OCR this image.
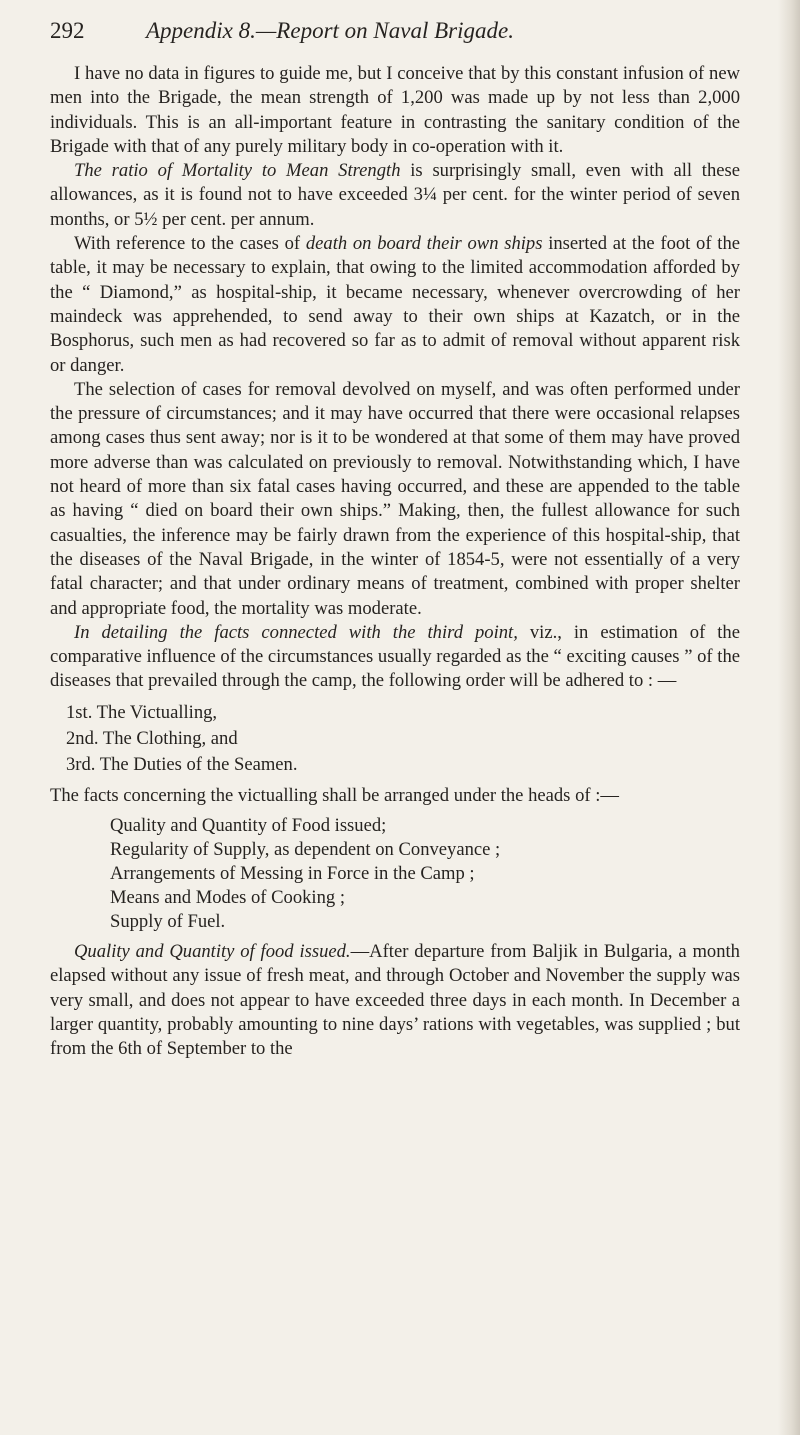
292	Appendix 8.—Report on Naval Brigade.

I have no data in figures to guide me, but I conceive that by this constant infusion of new men into the Brigade, the mean strength of 1,200 was made up by not less than 2,000 individuals. This is an all-important feature in contrasting the sanitary condition of the Brigade with that of any purely military body in co-operation with it.

The ratio of Mortality to Mean Strength is surprisingly small, even with all these allowances, as it is found not to have exceeded 3¼ per cent. for the winter period of seven months, or 5½ per cent. per annum.

With reference to the cases of death on board their own ships inserted at the foot of the table, it may be necessary to explain, that owing to the limited accommodation afforded by the “ Diamond,” as hospital-ship, it became necessary, whenever overcrowding of her maindeck was apprehended, to send away to their own ships at Kazatch, or in the Bosphorus, such men as had recovered so far as to admit of removal without apparent risk or danger.

The selection of cases for removal devolved on myself, and was often performed under the pressure of circumstances; and it may have occurred that there were occasional relapses among cases thus sent away; nor is it to be wondered at that some of them may have proved more adverse than was calculated on previously to removal. Notwithstanding which, I have not heard of more than six fatal cases having occurred, and these are appended to the table as having “ died on board their own ships.” Making, then, the fullest allowance for such casualties, the inference may be fairly drawn from the experience of this hospital-ship, that the diseases of the Naval Brigade, in the winter of 1854-5, were not essentially of a very fatal character; and that under ordinary means of treatment, combined with proper shelter and appropriate food, the mortality was moderate.

In detailing the facts connected with the third point, viz., in estimation of the comparative influence of the circumstances usually regarded as the “ exciting causes ” of the diseases that prevailed through the camp, the following order will be adhered to : —

1st. The Victualling,
2nd. The Clothing, and
3rd. The Duties of the Seamen.

The facts concerning the victualling shall be arranged under the heads of :—

Quality and Quantity of Food issued;
Regularity of Supply, as dependent on Conveyance ;
Arrangements of Messing in Force in the Camp ;
Means and Modes of Cooking ;
Supply of Fuel.

Quality and Quantity of food issued.—After departure from Baljik in Bulgaria, a month elapsed without any issue of fresh meat, and through October and November the supply was very small, and does not appear to have exceeded three days in each month. In December a larger quantity, probably amounting to nine days’ rations with vegetables, was supplied ; but from the 6th of September to the
